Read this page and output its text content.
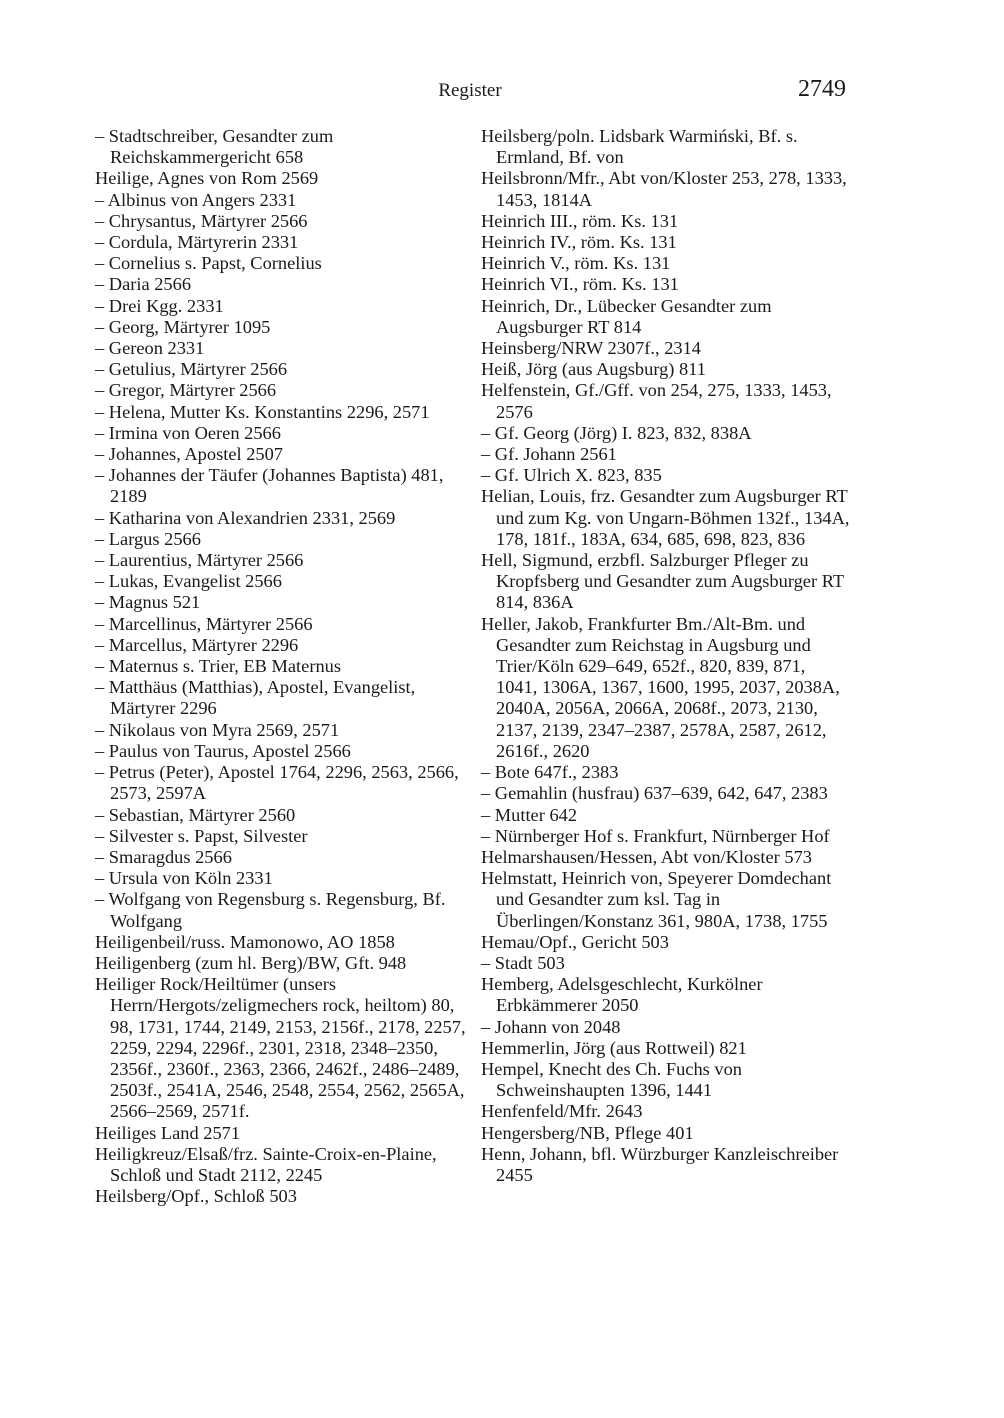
Register	2749

– Stadtschreiber, Gesandter zum Reichskammergericht 658

Heilige, Agnes von Rom 2569

– Albinus von Angers 2331

– Chrysantus, Märtyrer 2566

– Cordula, Märtyrerin 2331

– Cornelius s. Papst, Cornelius

– Daria 2566

– Drei Kgg. 2331

– Georg, Märtyrer 1095

– Gereon 2331

– Getulius, Märtyrer 2566

– Gregor, Märtyrer 2566

– Helena, Mutter Ks. Konstantins 2296, 2571

– Irmina von Oeren 2566

– Johannes, Apostel 2507

– Johannes der Täufer (Johannes Baptista) 481, 2189

– Katharina von Alexandrien 2331, 2569

– Largus 2566

– Laurentius, Märtyrer 2566

– Lukas, Evangelist 2566

– Magnus 521

– Marcellinus, Märtyrer 2566

– Marcellus, Märtyrer 2296

– Maternus s. Trier, EB Maternus

– Matthäus (Matthias), Apostel, Evangelist, Märtyrer 2296

– Nikolaus von Myra 2569, 2571

– Paulus von Taurus, Apostel 2566

– Petrus (Peter), Apostel 1764, 2296, 2563, 2566, 2573, 2597A

– Sebastian, Märtyrer 2560

– Silvester s. Papst, Silvester

– Smaragdus 2566

– Ursula von Köln 2331

– Wolfgang von Regensburg s. Regensburg, Bf. Wolfgang

Heiligenbeil/russ. Mamonowo, AO 1858

Heiligenberg (zum hl. Berg)/BW, Gft. 948

Heiliger Rock/Heiltümer (unsers Herrn/Hergots/zeligmechers rock, heiltom) 80, 98, 1731, 1744, 2149, 2153, 2156f., 2178, 2257, 2259, 2294, 2296f., 2301, 2318, 2348–2350, 2356f., 2360f., 2363, 2366, 2462f., 2486–2489, 2503f., 2541A, 2546, 2548, 2554, 2562, 2565A, 2566–2569, 2571f.

Heiliges Land 2571

Heiligkreuz/Elsaß/frz. Sainte-Croix-en-Plaine, Schloß und Stadt 2112, 2245

Heilsberg/Opf., Schloß 503

Heilsberg/poln. Lidsbark Warmiński, Bf. s. Ermland, Bf. von

Heilsbronn/Mfr., Abt von/Kloster 253, 278, 1333, 1453, 1814A

Heinrich III., röm. Ks. 131

Heinrich IV., röm. Ks. 131

Heinrich V., röm. Ks. 131

Heinrich VI., röm. Ks. 131

Heinrich, Dr., Lübecker Gesandter zum Augsburger RT 814

Heinsberg/NRW 2307f., 2314

Heiß, Jörg (aus Augsburg) 811

Helfenstein, Gf./Gff. von 254, 275, 1333, 1453, 2576

– Gf. Georg (Jörg) I. 823, 832, 838A

– Gf. Johann 2561

– Gf. Ulrich X. 823, 835

Helian, Louis, frz. Gesandter zum Augsburger RT und zum Kg. von Ungarn-Böhmen 132f., 134A, 178, 181f., 183A, 634, 685, 698, 823, 836

Hell, Sigmund, erzbfl. Salzburger Pfleger zu Kropfsberg und Gesandter zum Augsburger RT 814, 836A

Heller, Jakob, Frankfurter Bm./Alt-Bm. und Gesandter zum Reichstag in Augsburg und Trier/Köln 629–649, 652f., 820, 839, 871, 1041, 1306A, 1367, 1600, 1995, 2037, 2038A, 2040A, 2056A, 2066A, 2068f., 2073, 2130, 2137, 2139, 2347–2387, 2578A, 2587, 2612, 2616f., 2620

– Bote 647f., 2383

– Gemahlin (husfrau) 637–639, 642, 647, 2383

– Mutter 642

– Nürnberger Hof s. Frankfurt, Nürnberger Hof

Helmarshausen/Hessen, Abt von/Kloster 573

Helmstatt, Heinrich von, Speyerer Domdechant und Gesandter zum ksl. Tag in Überlingen/Konstanz 361, 980A, 1738, 1755

Hemau/Opf., Gericht 503

– Stadt 503

Hemberg, Adelsgeschlecht, Kurkölner Erbkämmerer 2050

– Johann von 2048

Hemmerlin, Jörg (aus Rottweil) 821

Hempel, Knecht des Ch. Fuchs von Schweinshaupten 1396, 1441

Henfenfeld/Mfr. 2643

Hengersberg/NB, Pflege 401

Henn, Johann, bfl. Würzburger Kanzleischreiber 2455
